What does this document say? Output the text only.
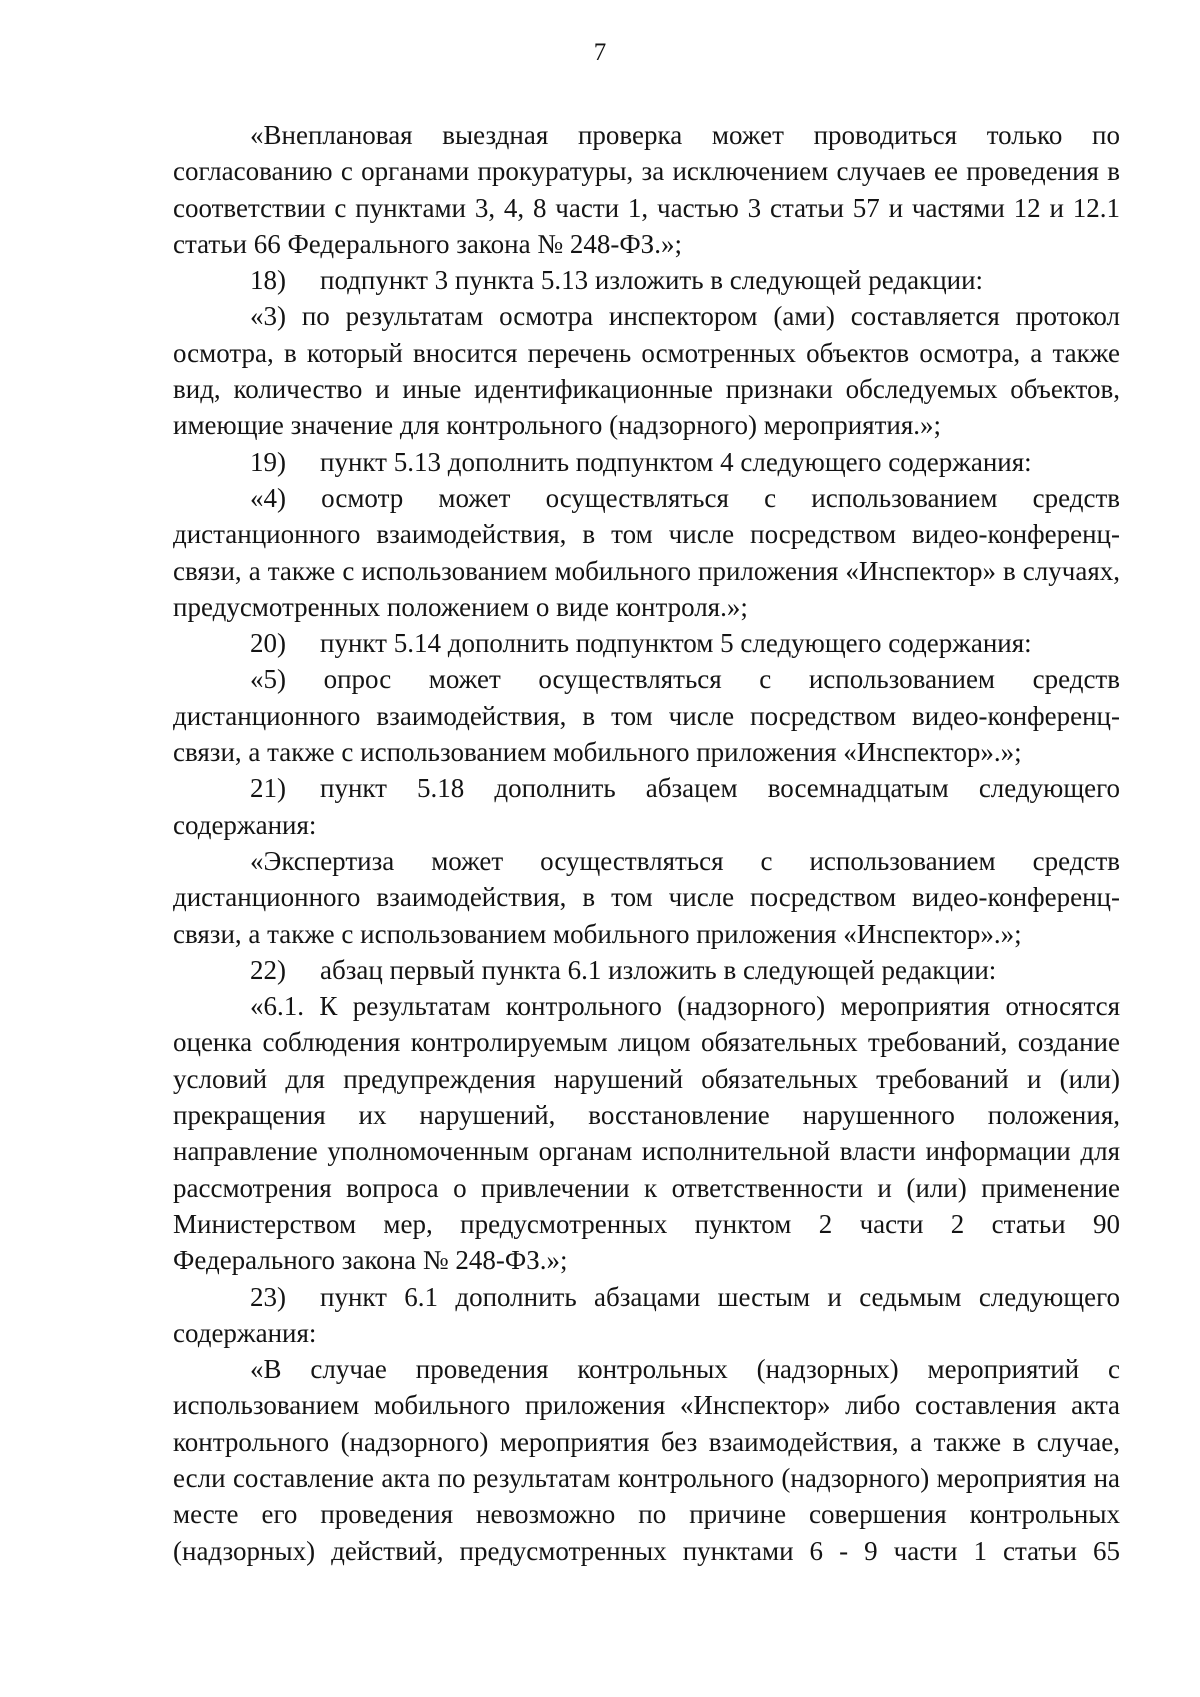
7

«Внеплановая выездная проверка может проводиться только по согласованию с органами прокуратуры, за исключением случаев ее проведения в соответствии с пунктами 3, 4, 8 части 1, частью 3 статьи 57 и частями 12 и 12.1 статьи 66 Федерального закона № 248-ФЗ.»;

18) подпункт 3 пункта 5.13 изложить в следующей редакции:

«3) по результатам осмотра инспектором (ами) составляется протокол осмотра, в который вносится перечень осмотренных объектов осмотра, а также вид, количество и иные идентификационные признаки обследуемых объектов, имеющие значение для контрольного (надзорного) мероприятия.»;

19) пункт 5.13 дополнить подпунктом 4 следующего содержания:

«4) осмотр может осуществляться с использованием средств дистанционного взаимодействия, в том числе посредством видео-конференц-связи, а также с использованием мобильного приложения «Инспектор» в случаях, предусмотренных положением о виде контроля.»;

20) пункт 5.14 дополнить подпунктом 5 следующего содержания:

«5) опрос может осуществляться с использованием средств дистанционного взаимодействия, в том числе посредством видео-конференц-связи, а также с использованием мобильного приложения «Инспектор».»;

21) пункт 5.18 дополнить абзацем восемнадцатым следующего содержания:

«Экспертиза может осуществляться с использованием средств дистанционного взаимодействия, в том числе посредством видео-конференц-связи, а также с использованием мобильного приложения «Инспектор».»;

22) абзац первый пункта 6.1 изложить в следующей редакции:

«6.1. К результатам контрольного (надзорного) мероприятия относятся оценка соблюдения контролируемым лицом обязательных требований, создание условий для предупреждения нарушений обязательных требований и (или) прекращения их нарушений, восстановление нарушенного положения, направление уполномоченным органам исполнительной власти информации для рассмотрения вопроса о привлечении к ответственности и (или) применение Министерством мер, предусмотренных пунктом 2 части 2 статьи 90 Федерального закона № 248-ФЗ.»;

23) пункт 6.1 дополнить абзацами шестым и седьмым следующего содержания:

«В случае проведения контрольных (надзорных) мероприятий с использованием мобильного приложения «Инспектор» либо составления акта контрольного (надзорного) мероприятия без взаимодействия, а также в случае, если составление акта по результатам контрольного (надзорного) мероприятия на месте его проведения невозможно по причине совершения контрольных (надзорных) действий, предусмотренных пунктами 6 - 9 части 1 статьи 65
